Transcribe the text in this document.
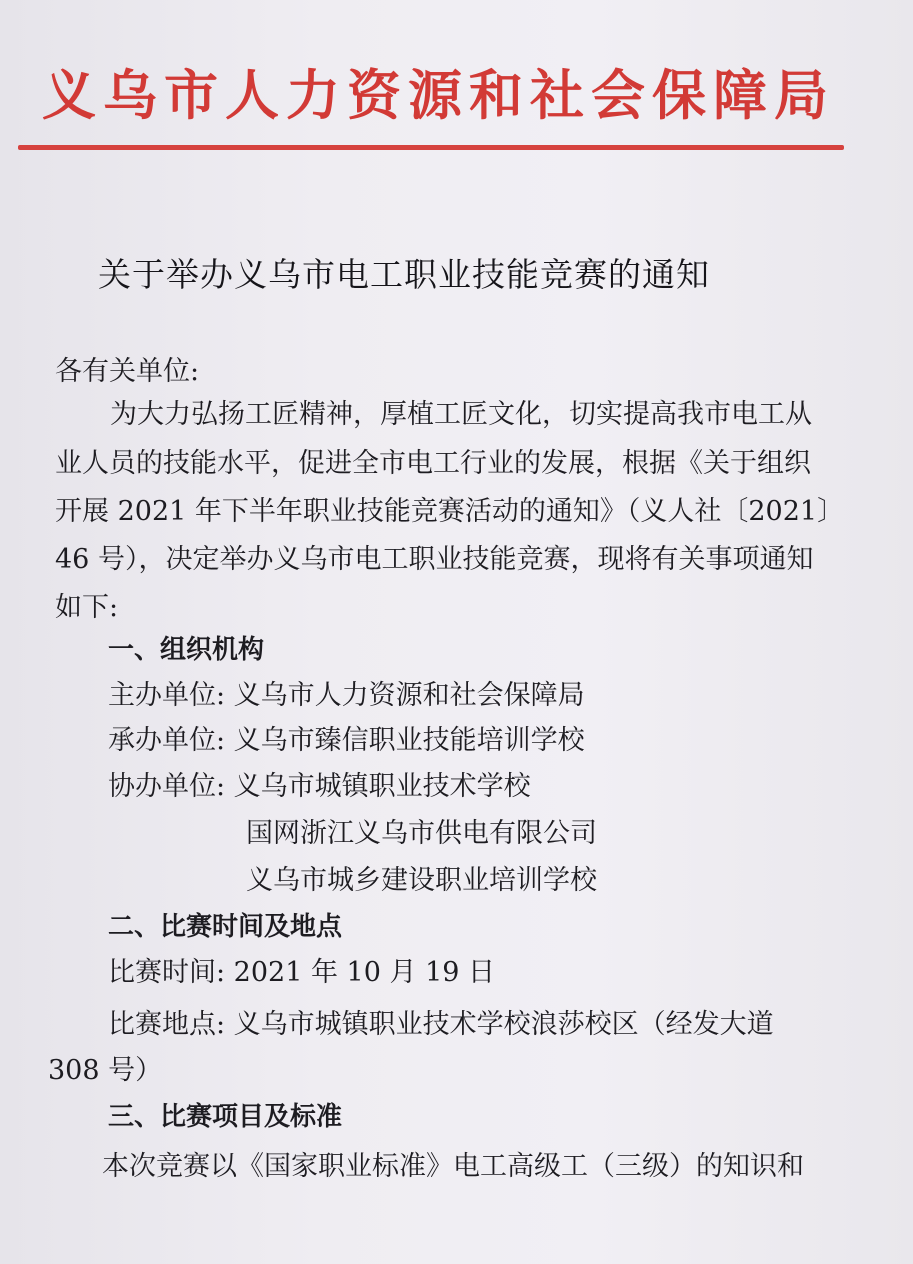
义乌市人力资源和社会保障局
关于举办义乌市电工职业技能竞赛的通知
各有关单位:
为大力弘扬工匠精神，厚植工匠文化，切实提高我市电工从
业人员的技能水平，促进全市电工行业的发展，根据《关于组织
开展 2021 年下半年职业技能竞赛活动的通知》（义人社〔2021〕
46 号），决定举办义乌市电工职业技能竞赛，现将有关事项通知
如下:
一、组织机构
主办单位: 义乌市人力资源和社会保障局
承办单位: 义乌市臻信职业技能培训学校
协办单位: 义乌市城镇职业技术学校
国网浙江义乌市供电有限公司
义乌市城乡建设职业培训学校
二、比赛时间及地点
比赛时间: 2021 年 10 月 19 日
比赛地点: 义乌市城镇职业技术学校浪莎校区（经发大道
308 号）
三、比赛项目及标准
本次竞赛以《国家职业标准》电工高级工（三级）的知识和
